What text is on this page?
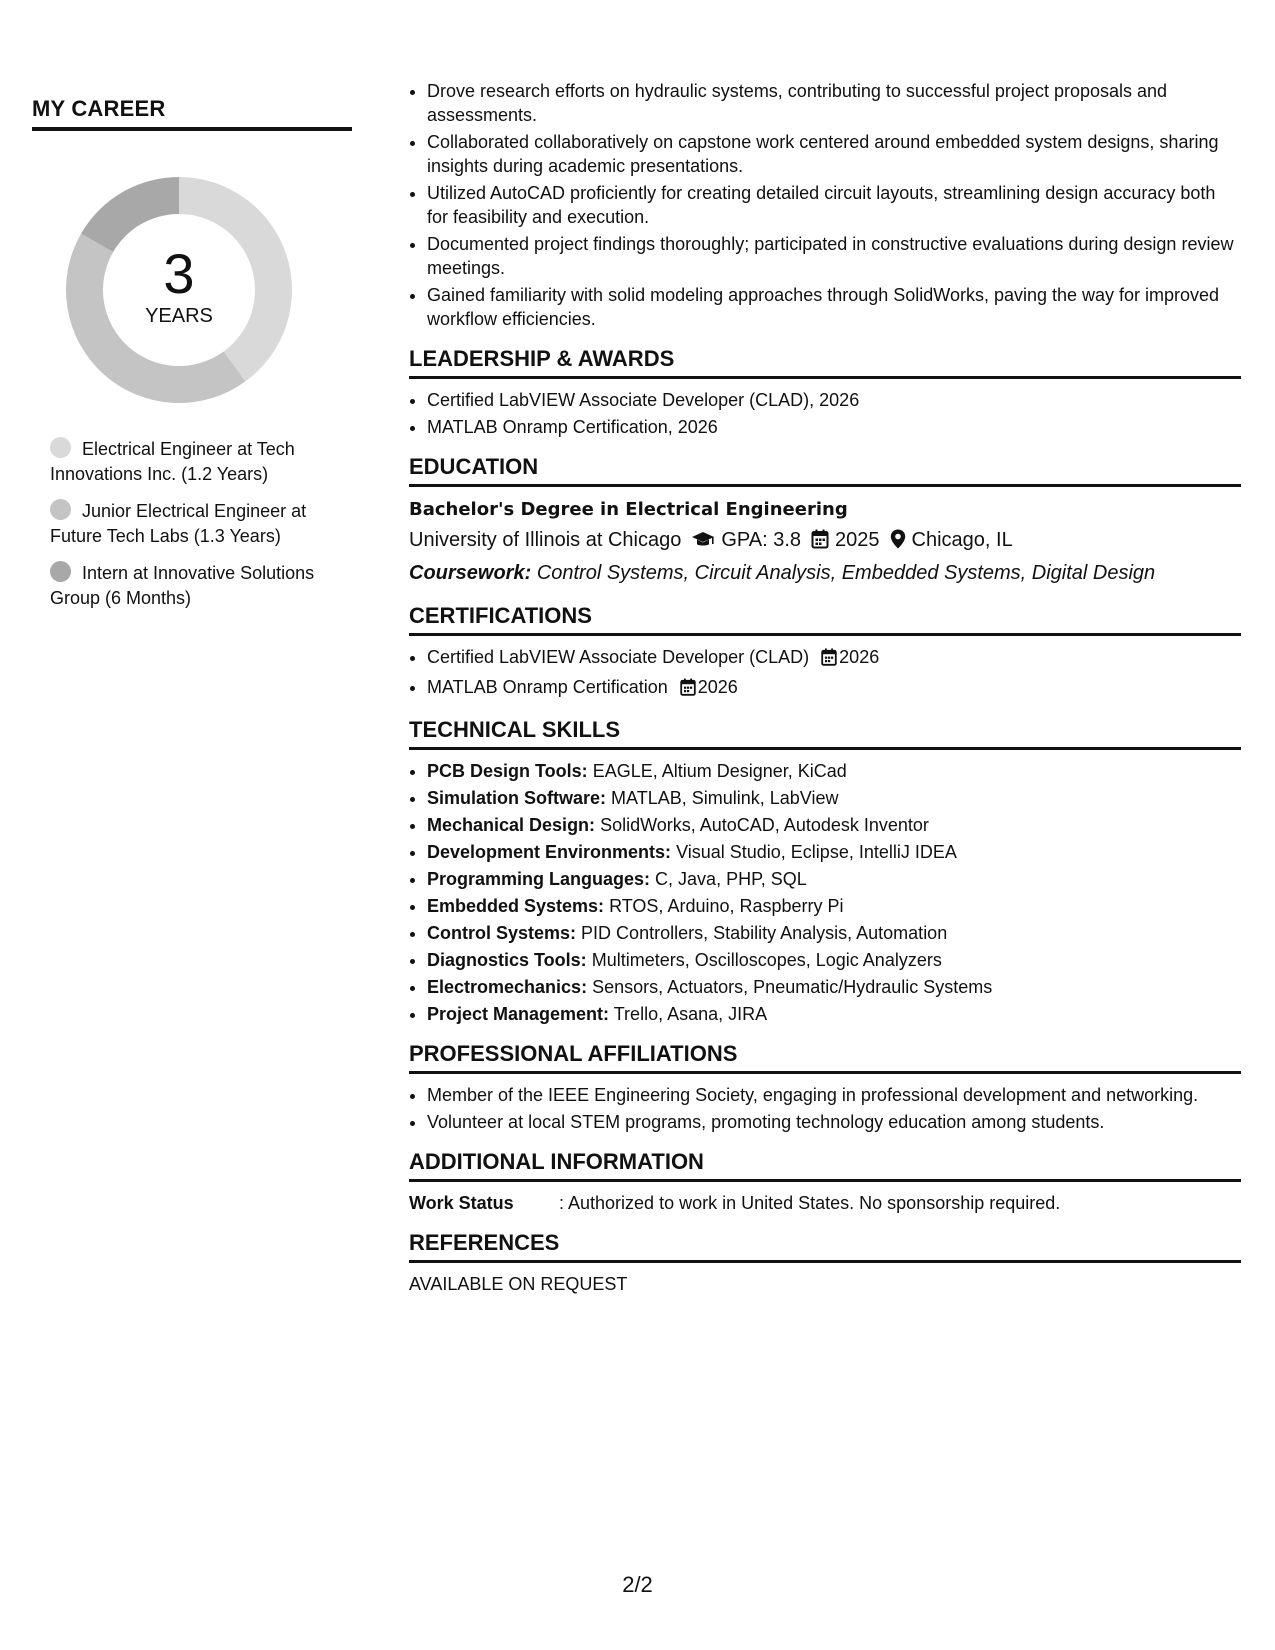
MY CAREER
3
YEARS
Electrical Engineer at Tech Innovations Inc. (1.2 Years)
Junior Electrical Engineer at Future Tech Labs (1.3 Years)
Intern at Innovative Solutions Group (6 Months)
• Drove research efforts on hydraulic systems, contributing to successful project proposals and assessments.
• Collaborated collaboratively on capstone work centered around embedded system designs, sharing insights during academic presentations.
• Utilized AutoCAD proficiently for creating detailed circuit layouts, streamlining design accuracy both for feasibility and execution.
• Documented project findings thoroughly; participated in constructive evaluations during design review meetings.
• Gained familiarity with solid modeling approaches through SolidWorks, paving the way for improved workflow efficiencies.
LEADERSHIP & AWARDS
• Certified LabVIEW Associate Developer (CLAD), 2026
• MATLAB Onramp Certification, 2026
EDUCATION
Bachelor's Degree in Electrical Engineering
University of Illinois at Chicago GPA: 3.8 2025 Chicago, IL
Coursework: Control Systems, Circuit Analysis, Embedded Systems, Digital Design
CERTIFICATIONS
• Certified LabVIEW Associate Developer (CLAD) 2026
• MATLAB Onramp Certification 2026
TECHNICAL SKILLS
• PCB Design Tools: EAGLE, Altium Designer, KiCad
• Simulation Software: MATLAB, Simulink, LabView
• Mechanical Design: SolidWorks, AutoCAD, Autodesk Inventor
• Development Environments: Visual Studio, Eclipse, IntelliJ IDEA
• Programming Languages: C, Java, PHP, SQL
• Embedded Systems: RTOS, Arduino, Raspberry Pi
• Control Systems: PID Controllers, Stability Analysis, Automation
• Diagnostics Tools: Multimeters, Oscilloscopes, Logic Analyzers
• Electromechanics: Sensors, Actuators, Pneumatic/Hydraulic Systems
• Project Management: Trello, Asana, JIRA
PROFESSIONAL AFFILIATIONS
• Member of the IEEE Engineering Society, engaging in professional development and networking.
• Volunteer at local STEM programs, promoting technology education among students.
ADDITIONAL INFORMATION
Work Status	: Authorized to work in United States. No sponsorship required.
REFERENCES
AVAILABLE ON REQUEST
2/2
